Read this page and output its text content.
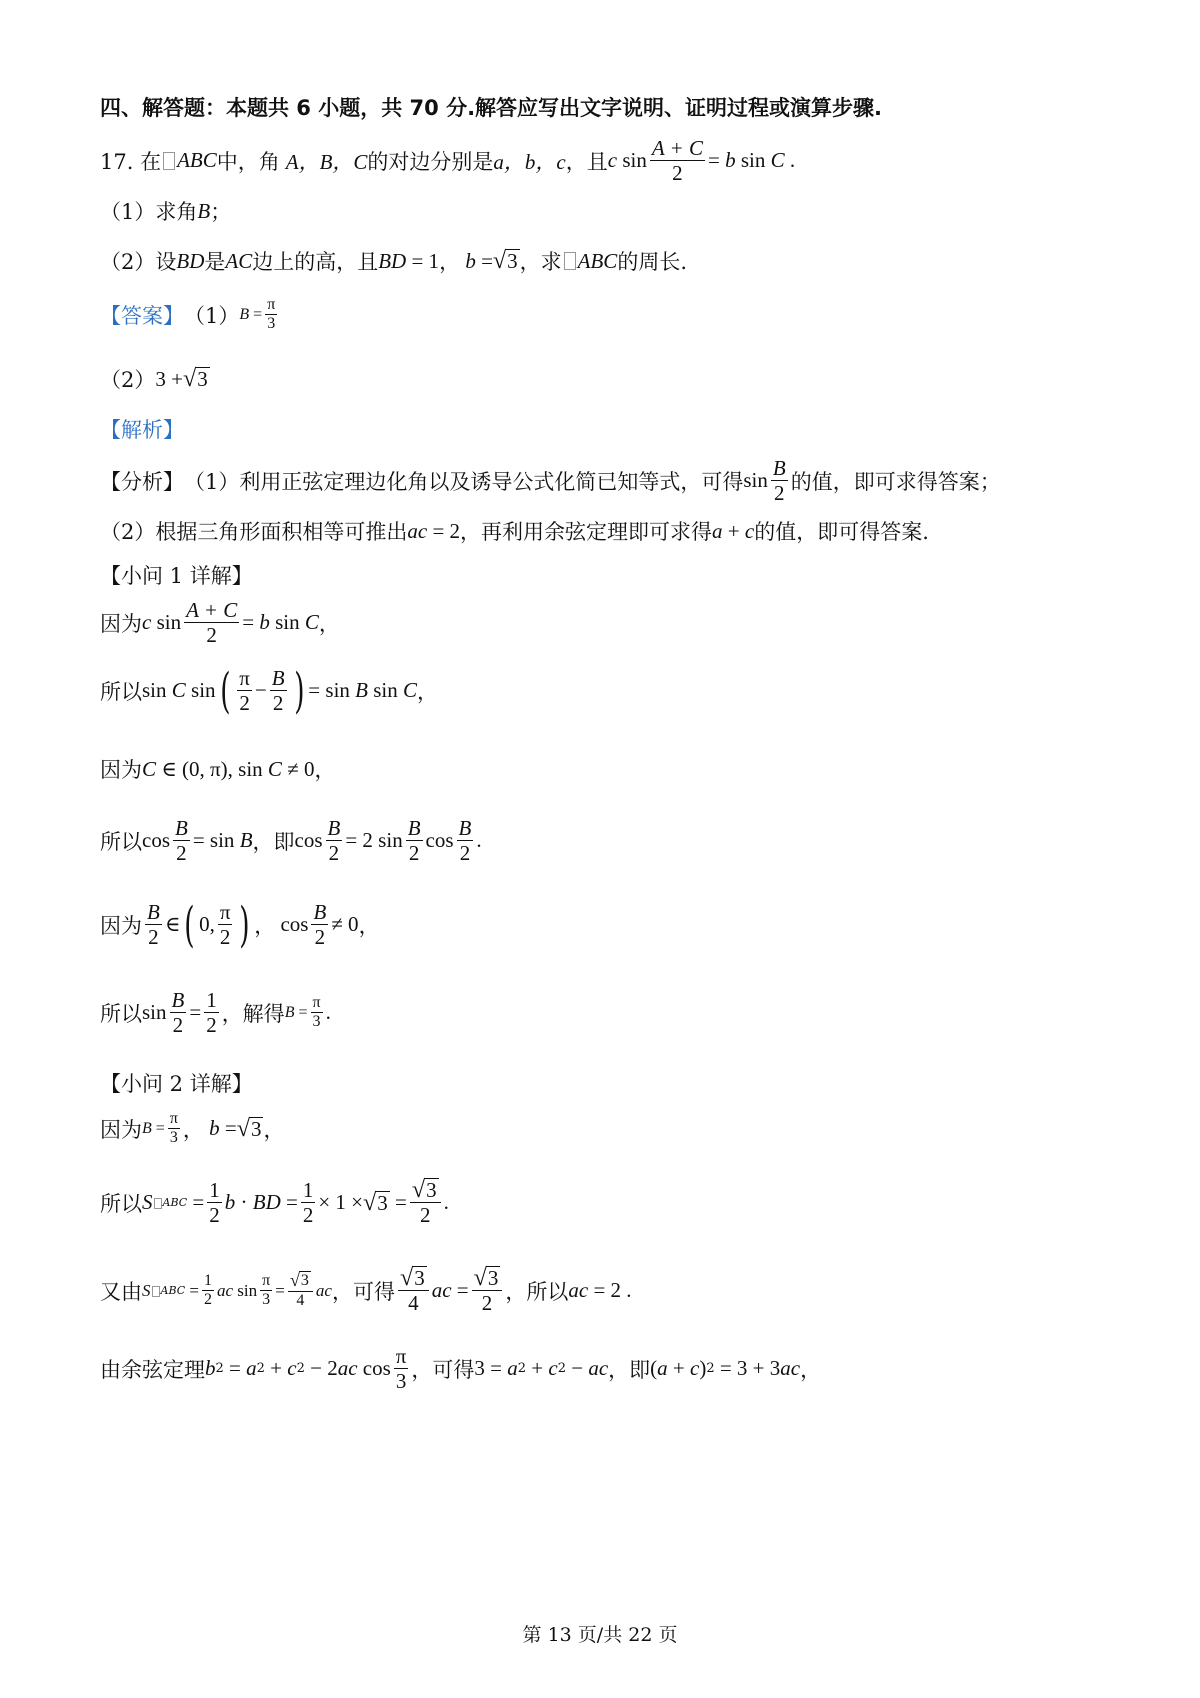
四、解答题：本题共 6 小题，共 70 分.解答应写出文字说明、证明过程或演算步骤.
17. 在 ABC 中，角 A，B，C 的对边分别是 a，b，c ，且 c $\sin \frac{A + C}{2} = b$ sin C .
（1）求角 B ；
（2）设 BD 是 AC 边上的高，且 BD = 1 ， b = √ 3 ，求 ABC 的周长.
【答案】 （1） $B = \frac{\pi}{3}$
（2） 3 + √ 3
【解析】
【分析】 （1）利用正弦定理边化角以及诱导公式化简已知等式，可得 $\sin \frac{B}{2}$ 的值，即可求得答案；
（2）根据三角形面积相等可推出 ac = 2 ，再利用余弦定理即可求得 a + c 的值，即可得答案.
【小问 1 详解】
因为 c $\sin \frac{A + C}{2} = b$ sin C ，
所以 sin C sin ( $\frac{\pi}{2} - \frac{B}{2}$ ) = sin B sin C ，
因为 C ∈ (0, π), sin C ≠ 0 ，
所以 $\cos \frac{B}{2} = \sin B$ ，即 $\cos \frac{B}{2} = 2$ $\sin \frac{B}{2}$ $\cos \frac{B}{2}$ .
因为 $\frac{B}{2}$ ∈ ( 0, $\frac{\pi}{2}$ ) ， $\cos \frac{B}{2} \ne 0$ ，
所以 $\sin \frac{B}{2} = \frac{1}{2}$ ，解得 $B = \frac{\pi}{3}$ .
【小问 2 详解】
因为 $B = \frac{\pi}{3}$ ， b = √ 3 ，
所以 S ABC = $\frac{1}{2}$ b · BD = $\frac{1}{2} \times 1$ × √ $3 = \frac{√ 3}{2}$ .
又由 S ABC = $\frac{1}{2}$ ac $\sin \frac{\pi}{3} = \frac{√ 3}{4}$ ac ，可得 $\frac{√ 3}{4}$ ac = $\frac{√ 3}{2}$ ，所以 ac = 2 .
由余弦定理 b 2 = a 2 + c 2 − 2 ac $\cos \frac{\pi}{3}$ ，可得 3 = a 2 + c 2 − ac ，即 ( a + c ) 2 = 3 + 3 ac ，
第 13 页/共 22 页
